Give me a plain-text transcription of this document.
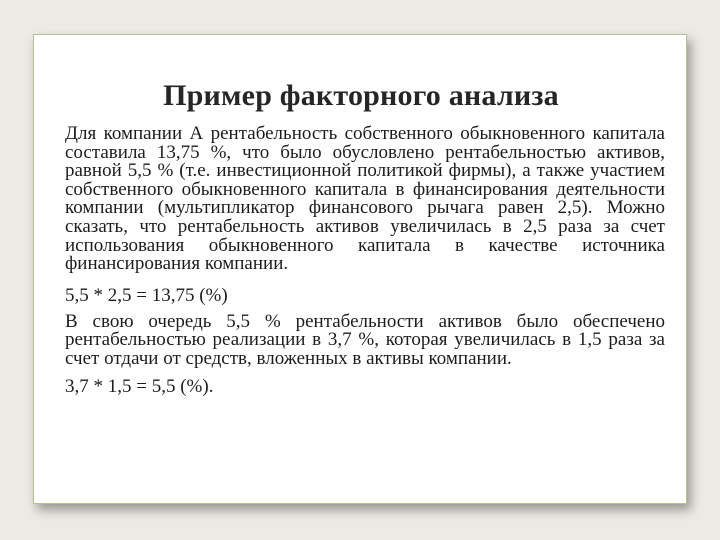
Пример факторного анализа

Для компании А рентабельность собственного обыкновенного капитала составила 13,75 %, что было обусловлено рентабельностью активов, равной 5,5 % (т.е. инвестиционной политикой фирмы), а также участием собственного обыкновенного капитала в финансирования деятельности компании (мультипликатор финансового рычага равен 2,5). Можно сказать, что рентабельность активов увеличилась в 2,5 раза за счет использования обыкновенного капитала в качестве источника финансирования компании.

5,5 * 2,5 = 13,75 (%)

В свою очередь 5,5 % рентабельности активов было обеспечено рентабельностью реализации в 3,7 %, которая увеличилась в 1,5 раза за счет отдачи от средств, вложенных в активы компании.

3,7 * 1,5 = 5,5 (%).
